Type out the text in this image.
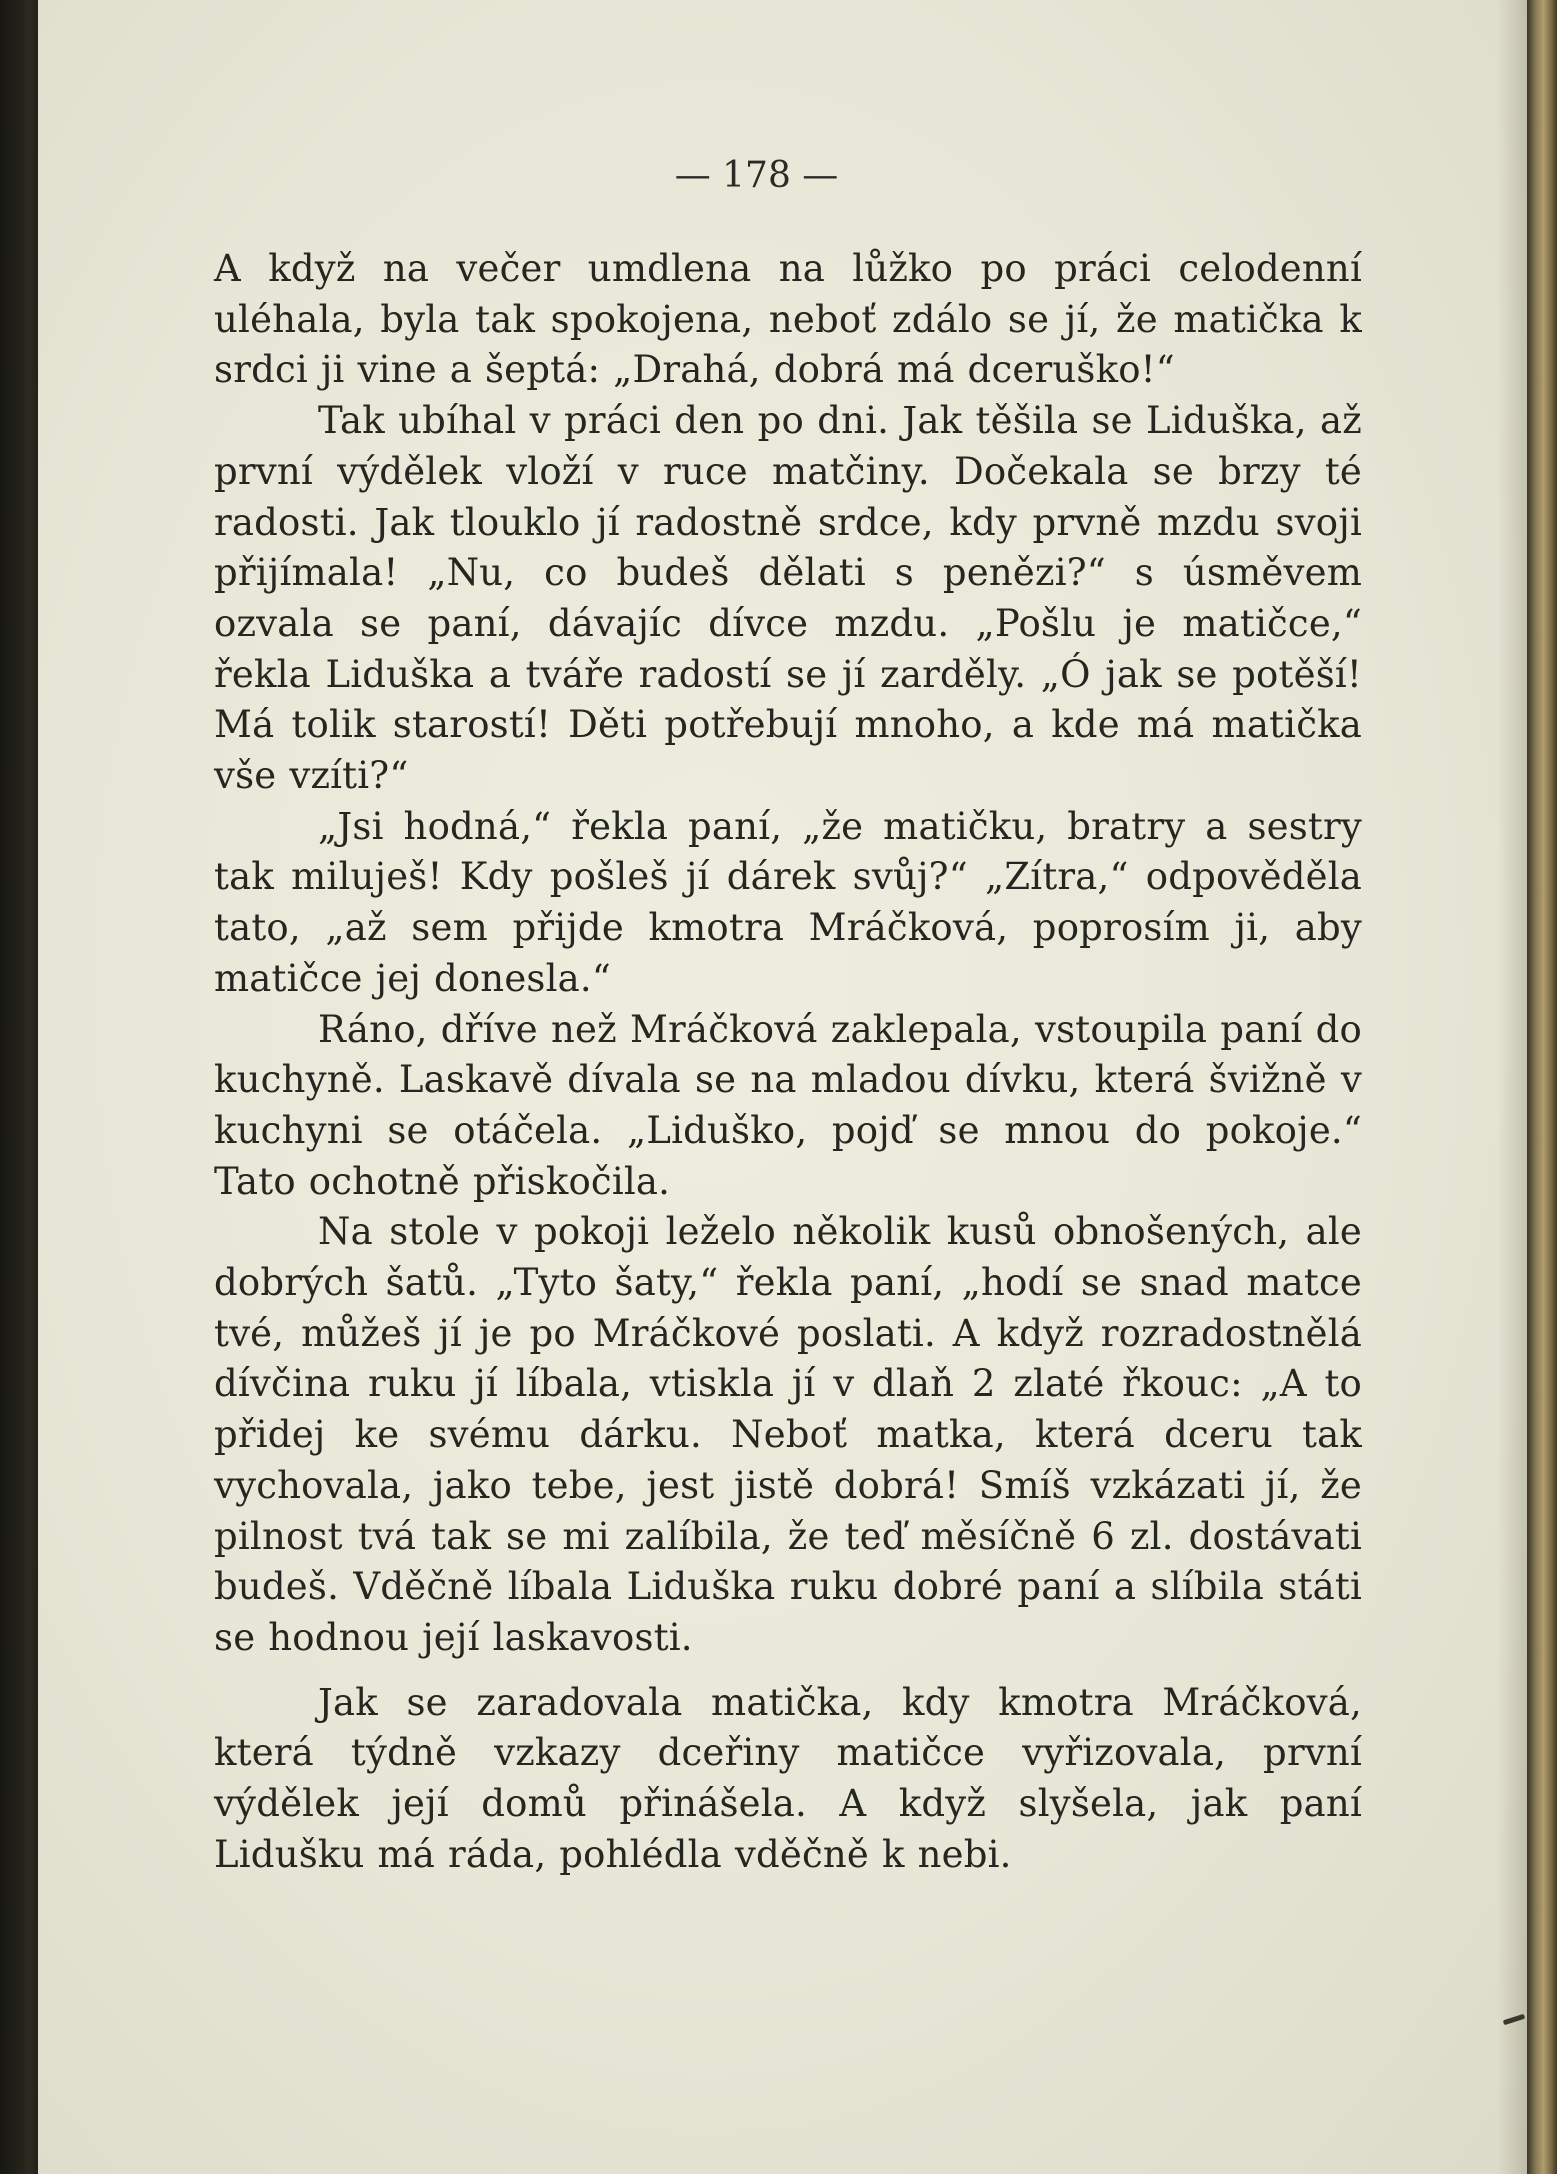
— 178 —

A když na večer umdlena na lůžko po práci celodenní uléhala, byla tak spokojena, neboť zdálo se jí, že matička k srdci ji vine a šeptá: „Drahá, dobrá má dceruško!“

Tak ubíhal v práci den po dni. Jak těšila se Liduška, až první výdělek vloží v ruce matčiny. Dočekala se brzy té radosti. Jak tlouklo jí radostně srdce, kdy prvně mzdu svoji přijímala! „Nu, co budeš dělati s penězi?“ s úsměvem ozvala se paní, dávajíc dívce mzdu. „Pošlu je matičce,“ řekla Liduška a tváře radostí se jí zarděly. „Ó jak se potěší! Má tolik starostí! Děti potřebují mnoho, a kde má matička vše vzíti?“

„Jsi hodná,“ řekla paní, „že matičku, bratry a sestry tak miluješ! Kdy pošleš jí dárek svůj?“ „Zítra,“ odpověděla tato, „až sem přijde kmotra Mráčková, poprosím ji, aby matičce jej donesla.“

Ráno, dříve než Mráčková zaklepala, vstoupila paní do kuchyně. Laskavě dívala se na mladou dívku, která švižně v kuchyni se otáčela. „Liduško, pojď se mnou do pokoje.“ Tato ochotně přiskočila.

Na stole v pokoji leželo několik kusů obnošených, ale dobrých šatů. „Tyto šaty,“ řekla paní, „hodí se snad matce tvé, můžeš jí je po Mráčkové poslati. A když rozradostnělá dívčina ruku jí líbala, vtiskla jí v dlaň 2 zlaté řkouc: „A to přidej ke svému dárku. Neboť matka, která dceru tak vychovala, jako tebe, jest jistě dobrá! Smíš vzkázati jí, že pilnost tvá tak se mi zalíbila, že teď měsíčně 6 zl. dostávati budeš. Vděčně líbala Liduška ruku dobré paní a slíbila státi se hodnou její laskavosti.

Jak se zaradovala matička, kdy kmotra Mráčková, která týdně vzkazy dceřiny matičce vyřizovala, první výdělek její domů přinášela. A když slyšela, jak paní Lidušku má ráda, pohlédla vděčně k nebi.
